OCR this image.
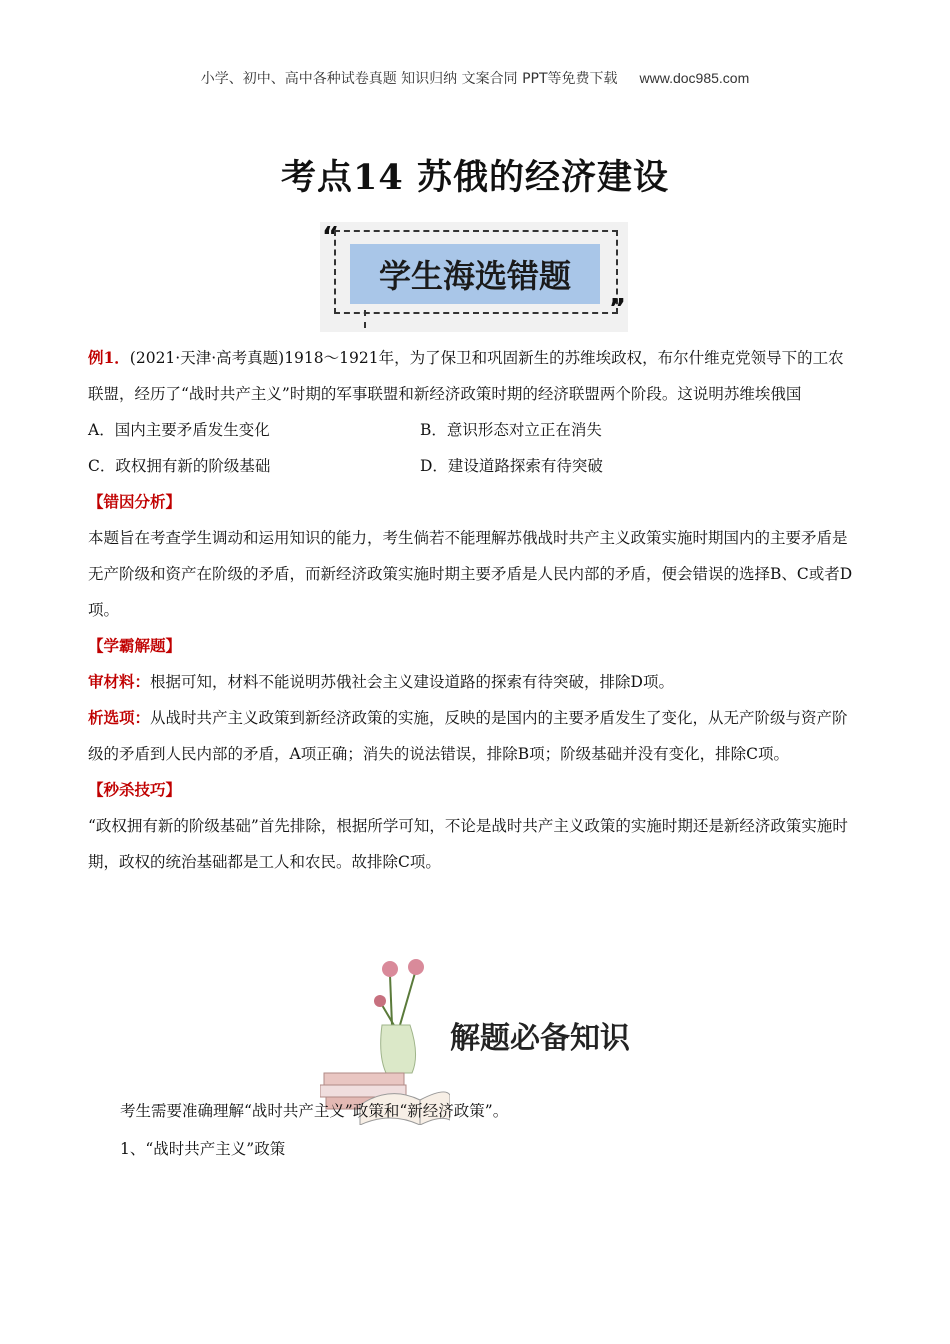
小学、初中、高中各种试卷真题 知识归纳 文案合同 PPT等免费下载 www.doc985.com
考点14 苏俄的经济建设
“
学生海选错题
”
例1．(2021·天津·高考真题)1918～1921年，为了保卫和巩固新生的苏维埃政权，布尔什维克党领导下的工农联盟，经历了“战时共产主义”时期的军事联盟和新经济政策时期的经济联盟两个阶段。这说明苏维埃俄国
A．国内主要矛盾发生变化	B．意识形态对立正在消失
C．政权拥有新的阶级基础	D．建设道路探索有待突破
【错因分析】
本题旨在考查学生调动和运用知识的能力，考生倘若不能理解苏俄战时共产主义政策实施时期国内的主要矛盾是无产阶级和资产在阶级的矛盾，而新经济政策实施时期主要矛盾是人民内部的矛盾，便会错误的选择B、C或者D项。
【学霸解题】
审材料：根据可知，材料不能说明苏俄社会主义建设道路的探索有待突破，排除D项。
析选项：从战时共产主义政策到新经济政策的实施，反映的是国内的主要矛盾发生了变化，从无产阶级与资产阶级的矛盾到人民内部的矛盾，A项正确；消失的说法错误，排除B项；阶级基础并没有变化，排除C项。
【秒杀技巧】
“政权拥有新的阶级基础”首先排除，根据所学可知，不论是战时共产主义政策的实施时期还是新经济政策实施时期，政权的统治基础都是工人和农民。故排除C项。
解题必备知识
考生需要准确理解“战时共产主义”政策和“新经济政策”。
1、“战时共产主义”政策
